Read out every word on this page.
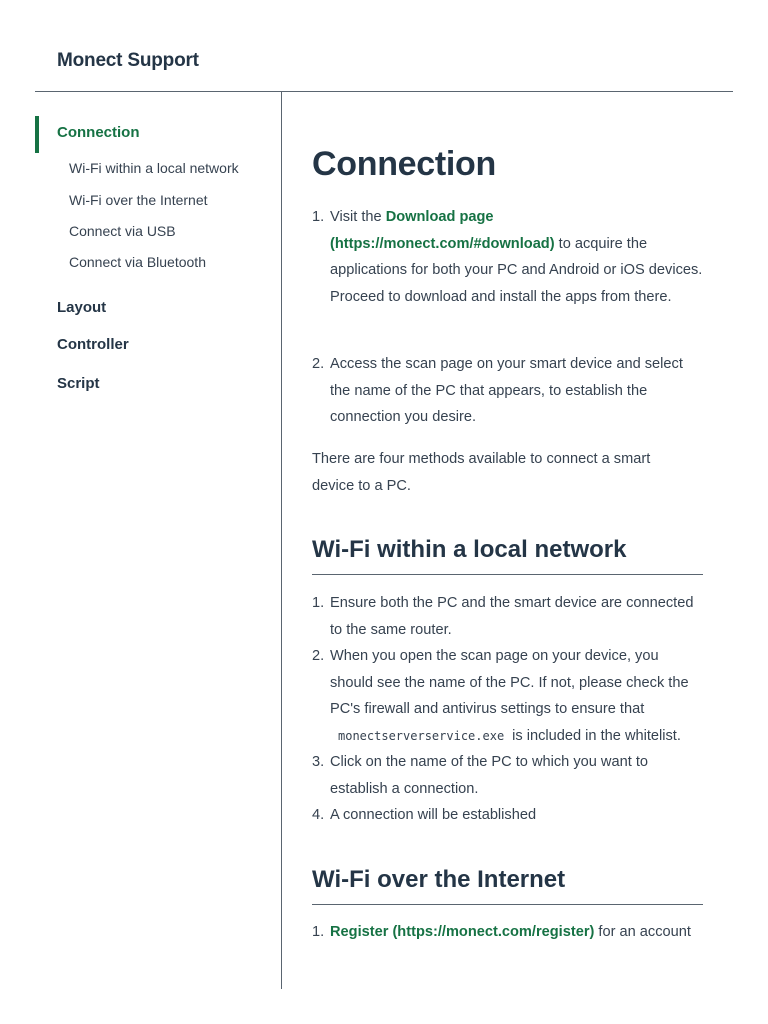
Monect Support
Connection
Wi-Fi within a local network
Wi-Fi over the Internet
Connect via USB
Connect via Bluetooth
Layout
Controller
Script
Connection
1. Visit the Download page (https://monect.com/#download) to acquire the applications for both your PC and Android or iOS devices. Proceed to download and install the apps from there.
2. Access the scan page on your smart device and select the name of the PC that appears, to establish the connection you desire.

There are four methods available to connect a smart device to a PC.

Wi-Fi within a local network
1. Ensure both the PC and the smart device are connected to the same router.
2. When you open the scan page on your device, you should see the name of the PC. If not, please check the PC's firewall and antivirus settings to ensure that monectserverservice.exe is included in the whitelist.
3. Click on the name of the PC to which you want to establish a connection.
4. A connection will be established
Wi-Fi over the Internet
1. Register (https://monect.com/register) for an account
